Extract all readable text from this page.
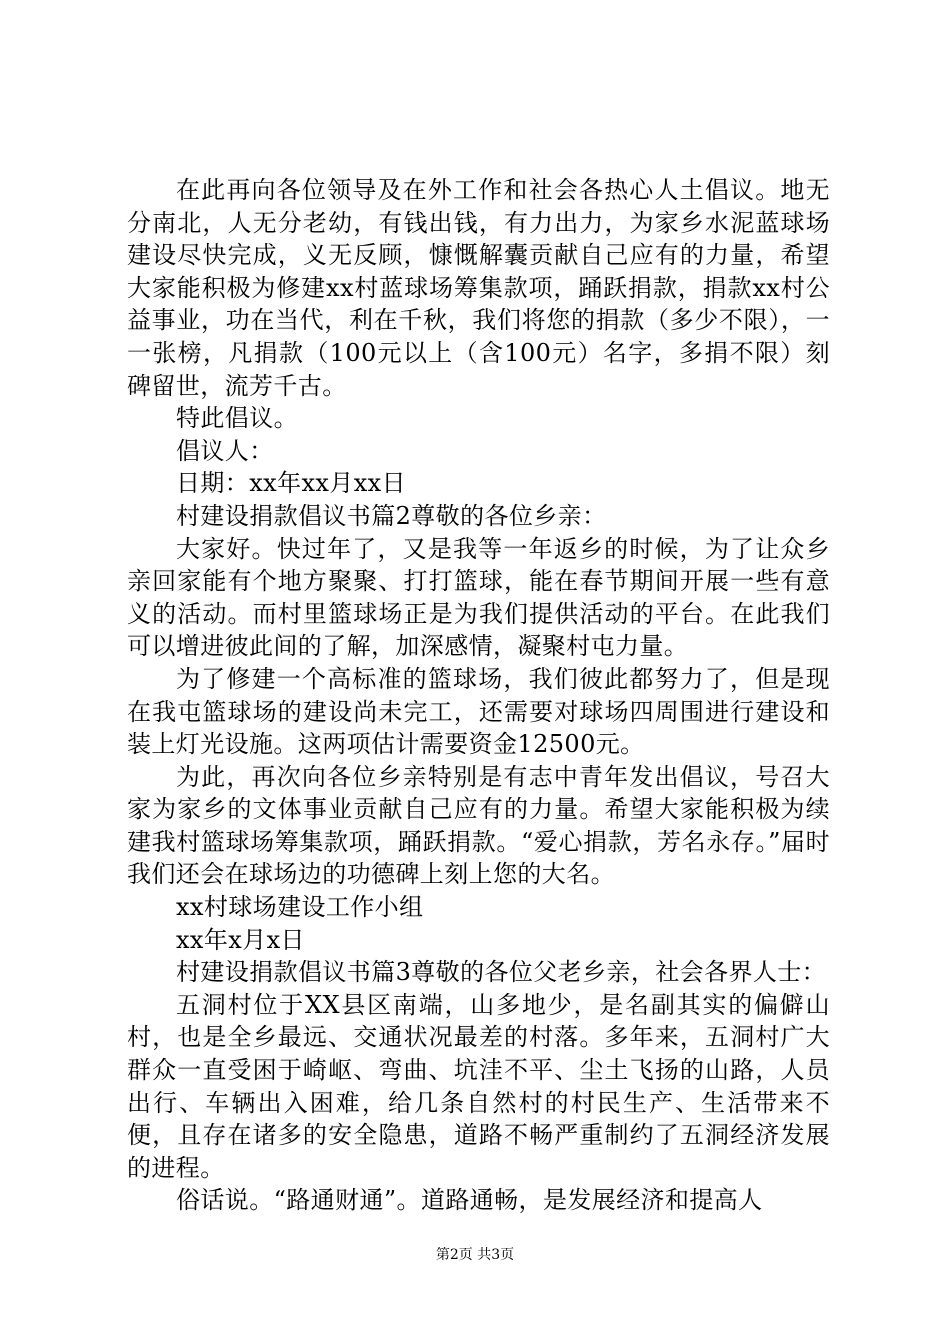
在此再向各位领导及在外工作和社会各热心人土倡议。地无分南北，人无分老幼，有钱出钱，有力出力，为家乡水泥蓝球场建设尽快完成，义无反顾，慷慨解囊贡献自己应有的力量，希望大家能积极为修建xx村蓝球场筹集款项，踊跃捐款，捐款xx村公益事业，功在当代，利在千秋，我们将您的捐款（多少不限），一一张榜，凡捐款（100元以上（含100元）名字，多捐不限）刻碑留世，流芳千古。

特此倡议。

倡议人：

日期：xx年xx月xx日

村建设捐款倡议书篇2尊敬的各位乡亲：

大家好。快过年了，又是我等一年返乡的时候，为了让众乡亲回家能有个地方聚聚、打打篮球，能在春节期间开展一些有意义的活动。而村里篮球场正是为我们提供活动的平台。在此我们可以增进彼此间的了解，加深感情，凝聚村屯力量。

为了修建一个高标准的篮球场，我们彼此都努力了，但是现在我屯篮球场的建设尚未完工，还需要对球场四周围进行建设和装上灯光设施。这两项估计需要资金12500元。

为此，再次向各位乡亲特别是有志中青年发出倡议，号召大家为家乡的文体事业贡献自己应有的力量。希望大家能积极为续建我村篮球场筹集款项，踊跃捐款。“爱心捐款，芳名永存。”届时我们还会在球场边的功德碑上刻上您的大名。

xx村球场建设工作小组

xx年x月x日

村建设捐款倡议书篇3尊敬的各位父老乡亲，社会各界人士：

五洞村位于XX县区南端，山多地少，是名副其实的偏僻山村，也是全乡最远、交通状况最差的村落。多年来，五洞村广大群众一直受困于崎岖、弯曲、坑洼不平、尘土飞扬的山路，人员出行、车辆出入困难，给几条自然村的村民生产、生活带来不便，且存在诸多的安全隐患，道路不畅严重制约了五洞经济发展的进程。

俗话说。“路通财通”。道路通畅，是发展经济和提高人

第2页 共3页
